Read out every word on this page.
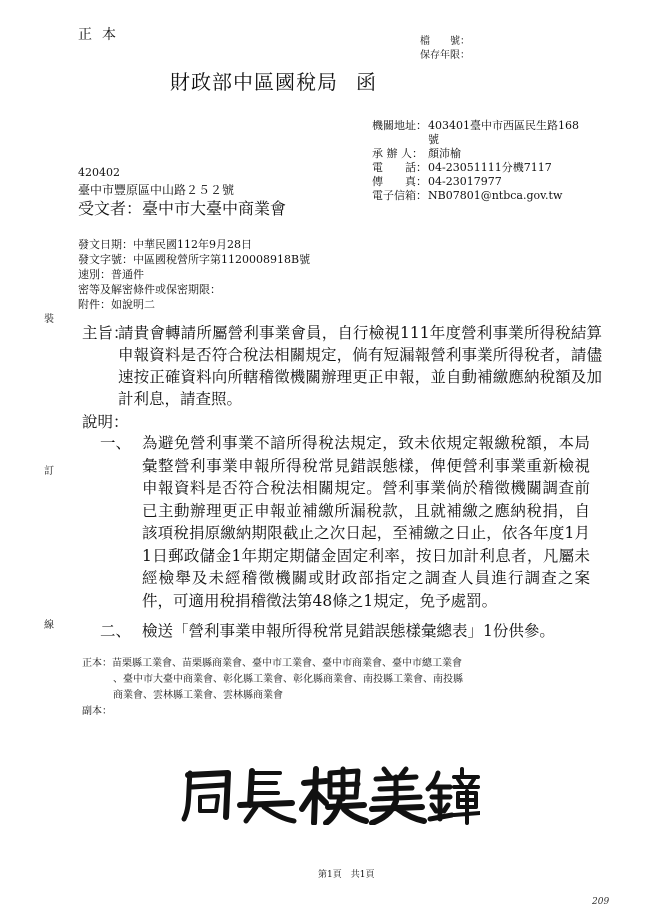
正本	檔　　號：
保存年限：
財政部中區國稅局 函
機關地址：403401臺中市西區民生路168
號
承 辦 人： 顏沛榆
電　　話：04-23051111分機7117
傳　　真：04-23017977
電子信箱：NB07801@ntbca.gov.tw
420402
臺中市豐原區中山路２５２號
受文者：臺中市大臺中商業會
發文日期：中華民國112年9月28日
發文字號：中區國稅營所字第1120008918B號
速別：普通件
密等及解密條件或保密期限：
附件：如說明二
裝
訂
線
主旨：
請貴會轉請所屬營利事業會員，自行檢視111年度營利事業所得稅結算申報資料是否符合稅法相關規定，倘有短漏報營利事業所得稅者，請儘速按正確資料向所轄稽徵機關辦理更正申報，並自動補繳應納稅額及加計利息，請查照。
說明：
一、 為避免營利事業不諳所得稅法規定，致未依規定報繳稅額，本局彙整營利事業申報所得稅常見錯誤態樣，俾便營利事業重新檢視申報資料是否符合稅法相關規定。營利事業倘於稽徵機關調查前已主動辦理更正申報並補繳所漏稅款，且就補繳之應納稅捐，自該項稅捐原繳納期限截止之次日起，至補繳之日止，依各年度1月1日郵政儲金1年期定期儲金固定利率，按日加計利息者，凡屬未經檢舉及未經稽徵機關或財政部指定之調查人員進行調查之案件，可適用稅捐稽徵法第48條之1規定，免予處罰。
二、 檢送「營利事業申報所得稅常見錯誤態樣彙總表」1份供參。
正本：苗栗縣工業會、苗栗縣商業會、臺中市工業會、臺中市商業會、臺中市總工業會
、臺中市大臺中商業會、彰化縣工業會、彰化縣商業會、南投縣工業會、南投縣
商業會、雲林縣工業會、雲林縣商業會
副本：
第1頁　共1頁
209
